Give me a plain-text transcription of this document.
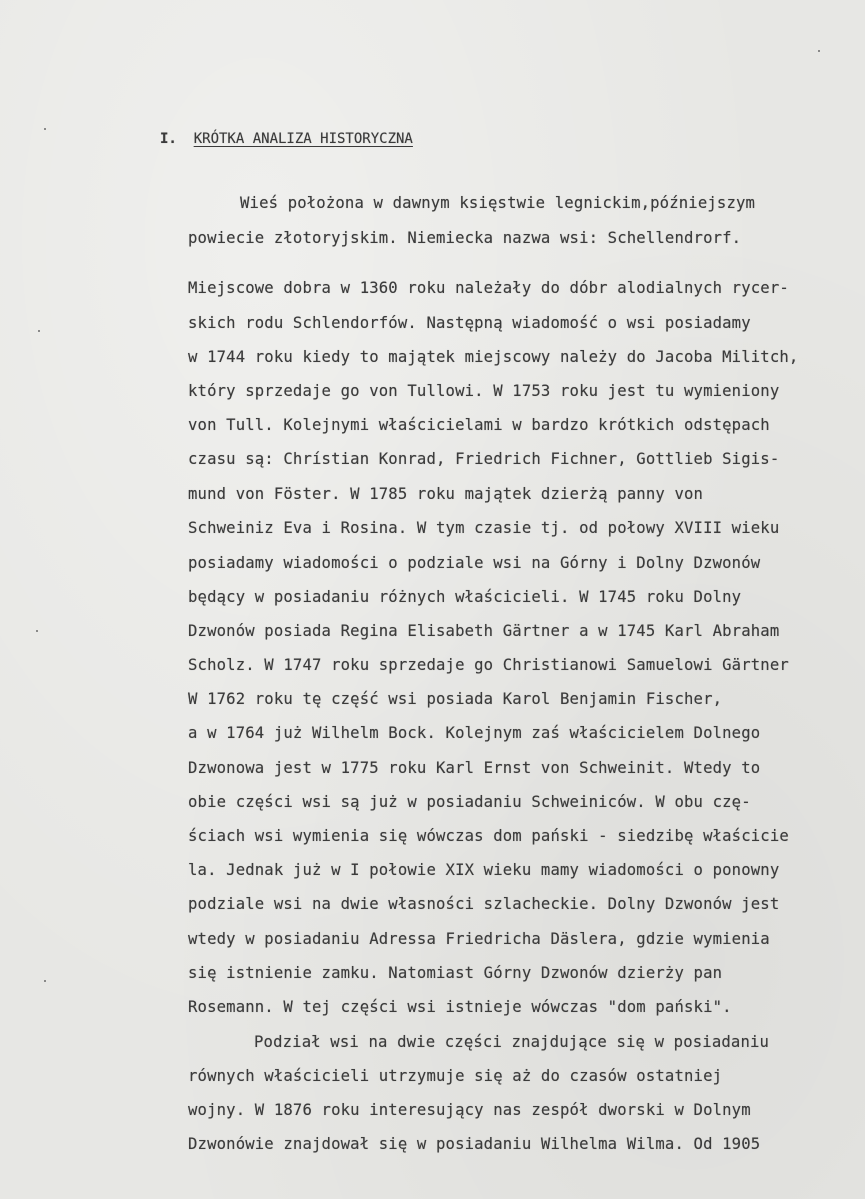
I. KRÓTKA ANALIZA HISTORYCZNA

Wieś położona w dawnym księstwie legnickim,późniejszym

powiecie złotoryjskim. Niemiecka nazwa wsi: Schellendrorf.

Miejscowe dobra w 1360 roku należały do dóbr alodialnych rycer-

skich rodu Schlendorfów. Następną wiadomość o wsi posiadamy

w 1744 roku kiedy to majątek miejscowy należy do Jacoba Militch,

który sprzedaje go von Tullowi. W 1753 roku jest tu wymieniony

von Tull. Kolejnymi właścicielami w bardzo krótkich odstępach

czasu są: Chrístian Konrad, Friedrich Fichner, Gottlieb Sigis-

mund von Föster. W 1785 roku majątek dzierżą panny von

Schweiniz Eva i Rosina. W tym czasie tj. od połowy XVIII wieku

posiadamy wiadomości o podziale wsi na Górny i Dolny Dzwonów

będący w posiadaniu różnych właścicieli. W 1745 roku Dolny

Dzwonów posiada Regina Elisabeth Gärtner a w 1745 Karl Abraham

Scholz. W 1747 roku sprzedaje go Christianowi Samuelowi Gärtner

W 1762 roku tę część wsi posiada Karol Benjamin Fischer,

a w 1764 już Wilhelm Bock. Kolejnym zaś właścicielem Dolnego

Dzwonowa jest w 1775 roku Karl Ernst von Schweinit. Wtedy to

obie części wsi są już w posiadaniu Schweiniców. W obu czę-

ściach wsi wymienia się wówczas dom pański - siedzibę właścicie

la. Jednak już w I połowie XIX wieku mamy wiadomości o ponowny

podziale wsi na dwie własności szlacheckie. Dolny Dzwonów jest

wtedy w posiadaniu Adressa Friedricha Däslera, gdzie wymienia

się istnienie zamku. Natomiast Górny Dzwonów dzierży pan

Rosemann. W tej części wsi istnieje wówczas "dom pański".

Podział wsi na dwie części znajdujące się w posiadaniu

równych właścicieli utrzymuje się aż do czasów ostatniej

wojny. W 1876 roku interesujący nas zespół dworski w Dolnym

Dzwonówie znajdował się w posiadaniu Wilhelma Wilma. Od 1905
